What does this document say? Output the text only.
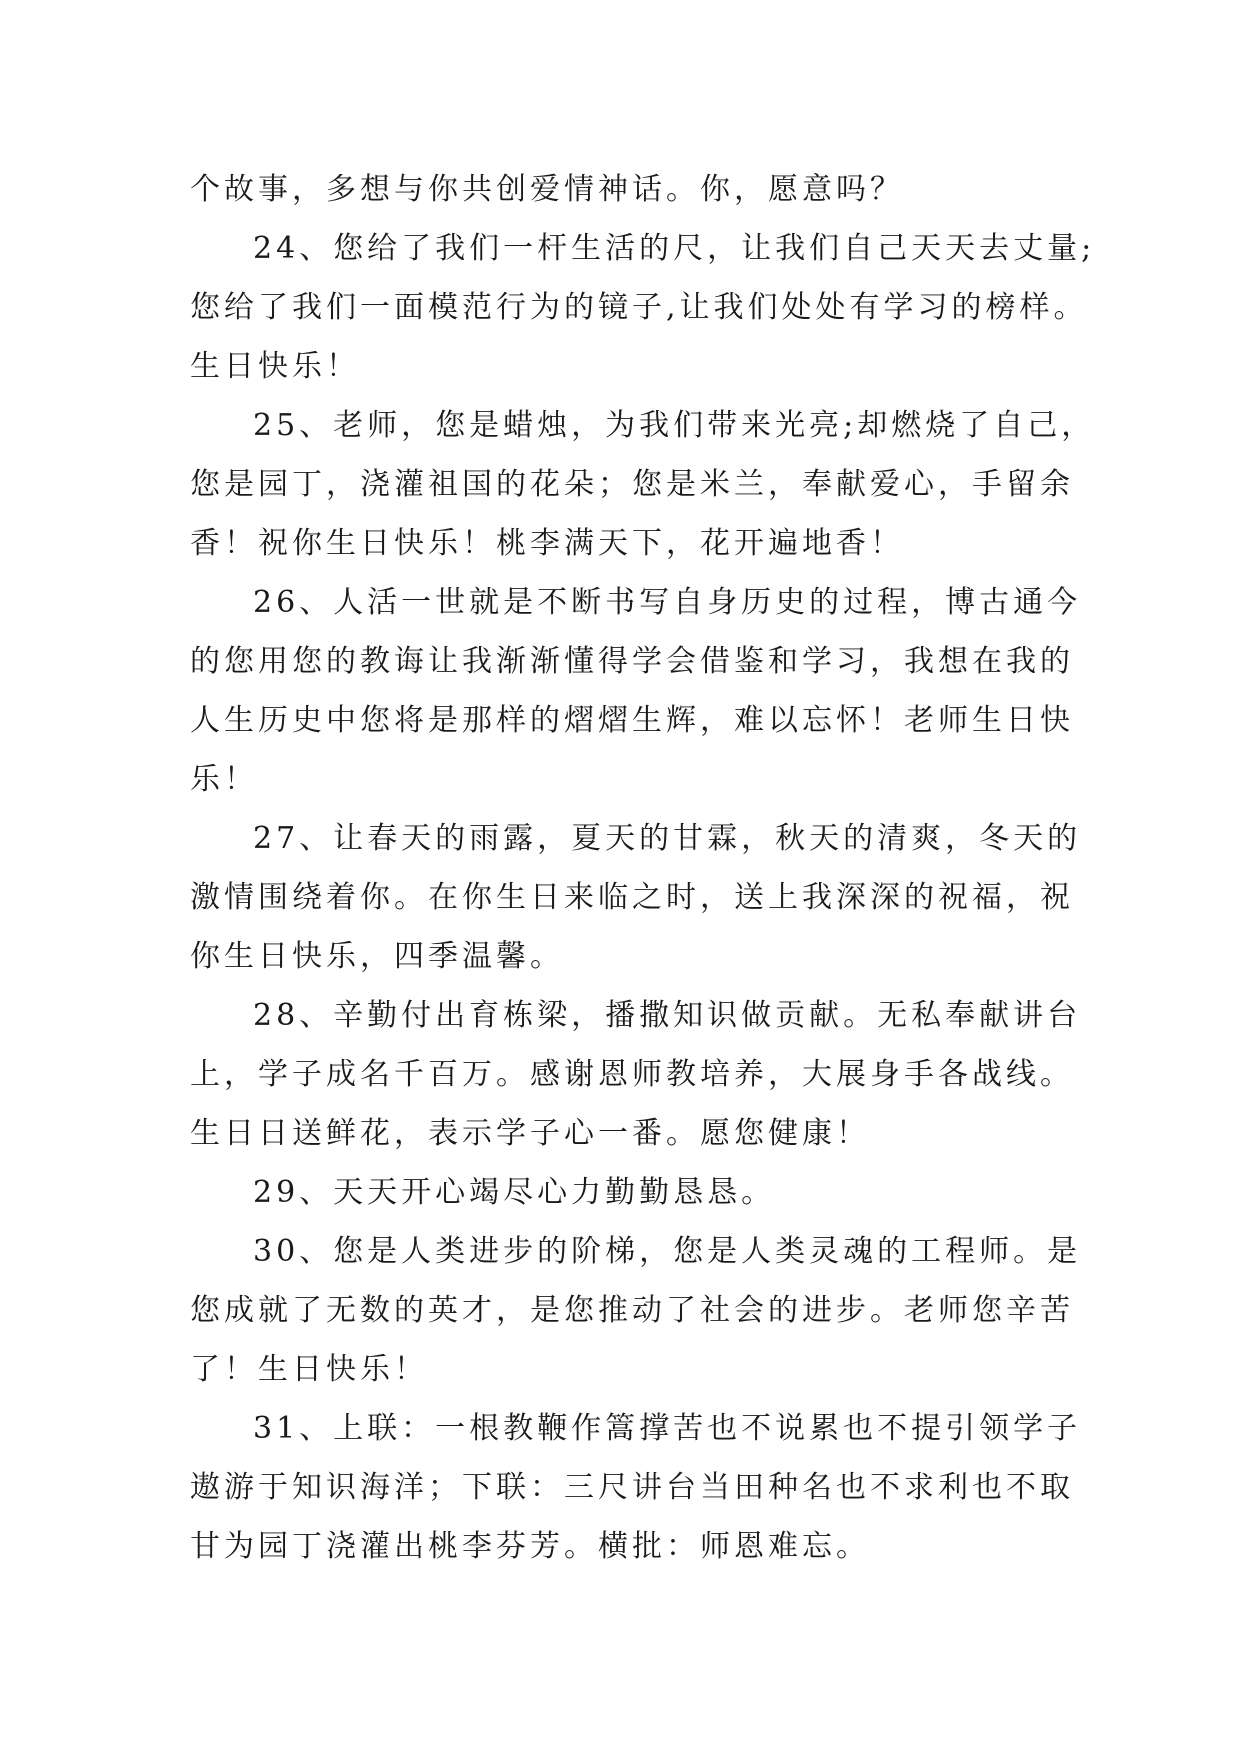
个故事，多想与你共创爱情神话。你，愿意吗？
24、您给了我们一杆生活的尺，让我们自己天天去丈量;
您给了我们一面模范行为的镜子,让我们处处有学习的榜样。
生日快乐！
25、老师，您是蜡烛，为我们带来光亮;却燃烧了自己，
您是园丁，浇灌祖国的花朵；您是米兰，奉献爱心，手留余
香！祝你生日快乐！桃李满天下，花开遍地香！
26、人活一世就是不断书写自身历史的过程，博古通今
的您用您的教诲让我渐渐懂得学会借鉴和学习，我想在我的
人生历史中您将是那样的熠熠生辉，难以忘怀！老师生日快
乐！
27、让春天的雨露，夏天的甘霖，秋天的清爽，冬天的
激情围绕着你。在你生日来临之时，送上我深深的祝福，祝
你生日快乐，四季温馨。
28、辛勤付出育栋梁，播撒知识做贡献。无私奉献讲台
上，学子成名千百万。感谢恩师教培养，大展身手各战线。
生日日送鲜花，表示学子心一番。愿您健康！
29、天天开心竭尽心力勤勤恳恳。
30、您是人类进步的阶梯，您是人类灵魂的工程师。是
您成就了无数的英才，是您推动了社会的进步。老师您辛苦
了！生日快乐！
31、上联：一根教鞭作篙撑苦也不说累也不提引领学子
遨游于知识海洋；下联：三尺讲台当田种名也不求利也不取
甘为园丁浇灌出桃李芬芳。横批：师恩难忘。
